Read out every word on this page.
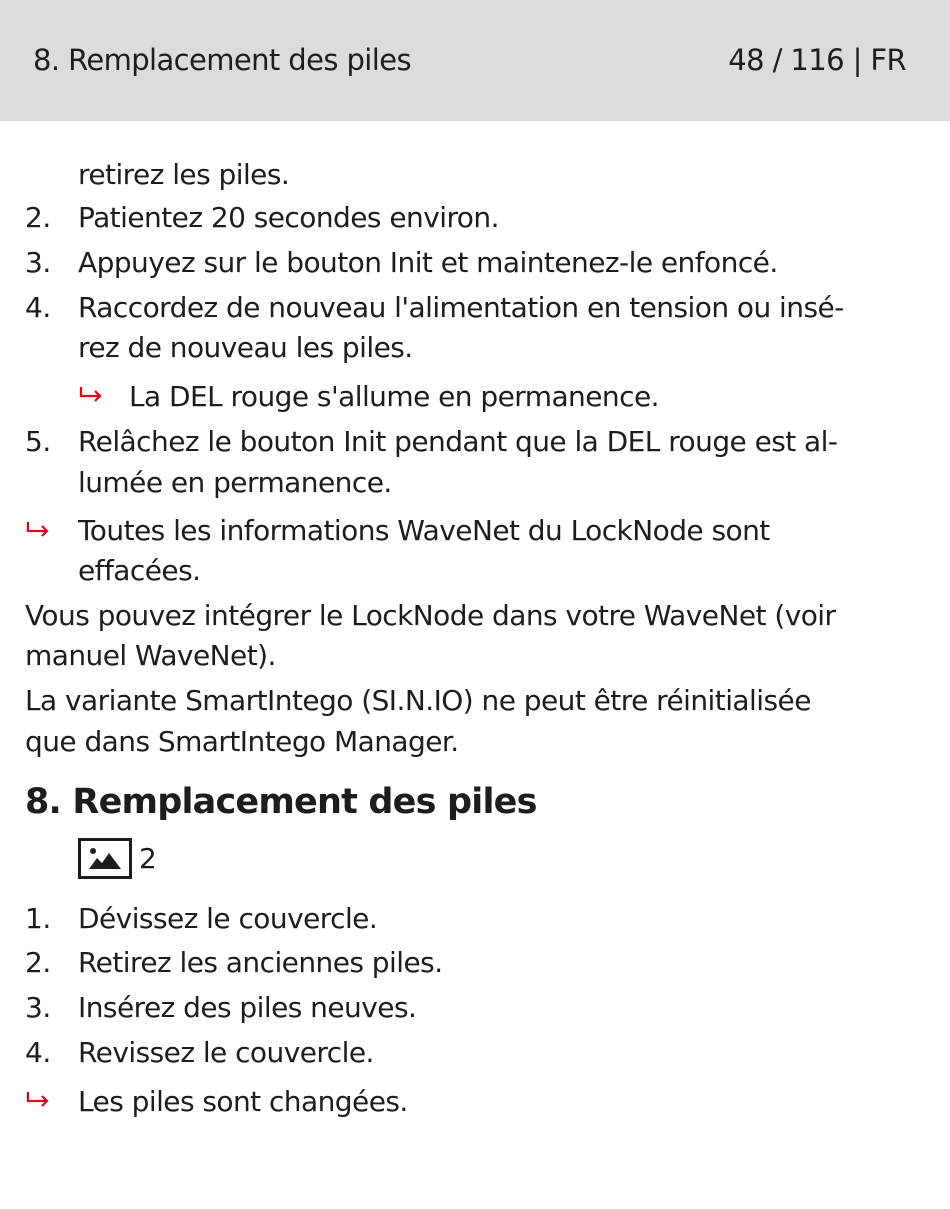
8. Remplacement des piles	48 / 116 | FR
retirez les piles.
2. Patientez 20 secondes environ.
3. Appuyez sur le bouton Init et maintenez-le enfoncé.
4. Raccordez de nouveau l'alimentation en tension ou insé-
rez de nouveau les piles.
La DEL rouge s'allume en permanence.
5. Relâchez le bouton Init pendant que la DEL rouge est al-
lumée en permanence.
Toutes les informations WaveNet du LockNode sont
effacées.
Vous pouvez intégrer le LockNode dans votre WaveNet (voir
manuel WaveNet).
La variante SmartIntego (SI.N.IO) ne peut être réinitialisée
que dans SmartIntego Manager.
8. Remplacement des piles
2
1. Dévissez le couvercle.
2. Retirez les anciennes piles.
3. Insérez des piles neuves.
4. Revissez le couvercle.
Les piles sont changées.
